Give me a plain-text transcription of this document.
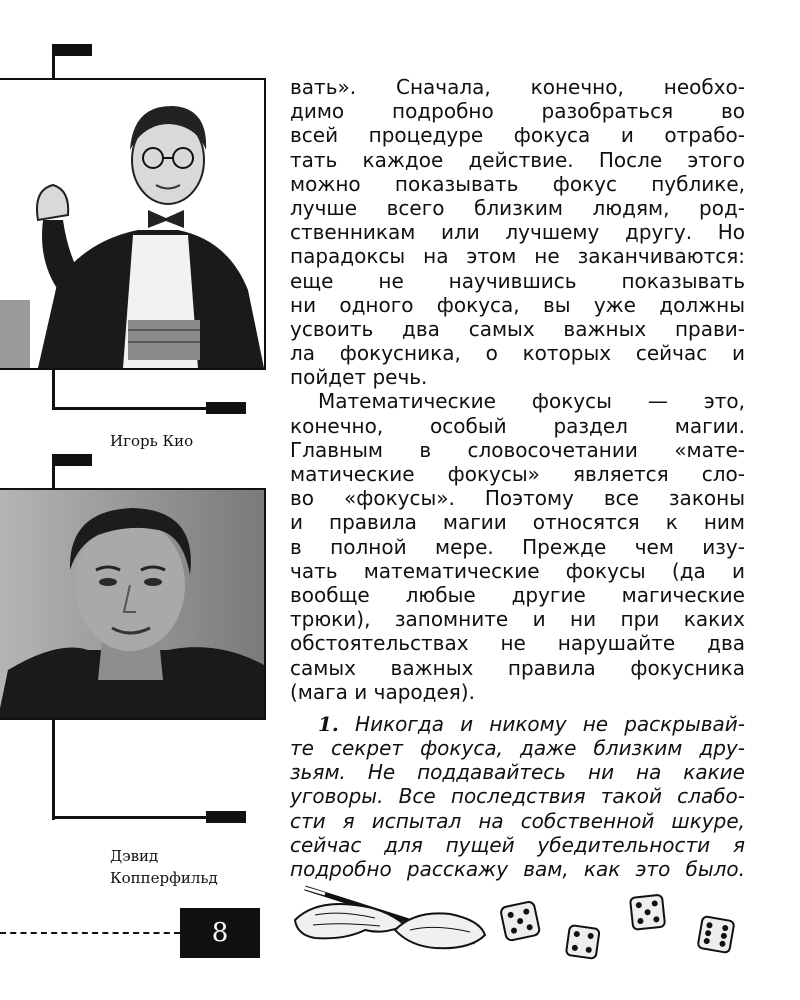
Игорь Кио
Дэвид
Копперфильд
вать». Сначала, конечно, необхо-
димо подробно разобраться во
всей процедуре фокуса и отрабо-
тать каждое действие. После этого
можно показывать фокус публике,
лучше всего близким людям, род-
ственникам или лучшему другу. Но
парадоксы на этом не заканчиваются:
еще не научившись показывать
ни одного фокуса, вы уже должны
усвоить два самых важных прави-
ла фокусника, о которых сейчас и
пойдет речь.
Математические фокусы — это,
конечно, особый раздел магии.
Главным в словосочетании «мате-
матические фокусы» является сло-
во «фокусы». Поэтому все законы
и правила магии относятся к ним
в полной мере. Прежде чем изу-
чать математические фокусы (да и
вообще любые другие магические
трюки), запомните и ни при каких
обстоятельствах не нарушайте два
самых важных правила фокусника
(мага и чародея).
1. Никогда и никому не раскрывай-
те секрет фокуса, даже близким дру-
зьям. Не поддавайтесь ни на какие
уговоры. Все последствия такой слабо-
сти я испытал на собственной шкуре,
сейчас для пущей убедительности я
подробно расскажу вам, как это было.
8
